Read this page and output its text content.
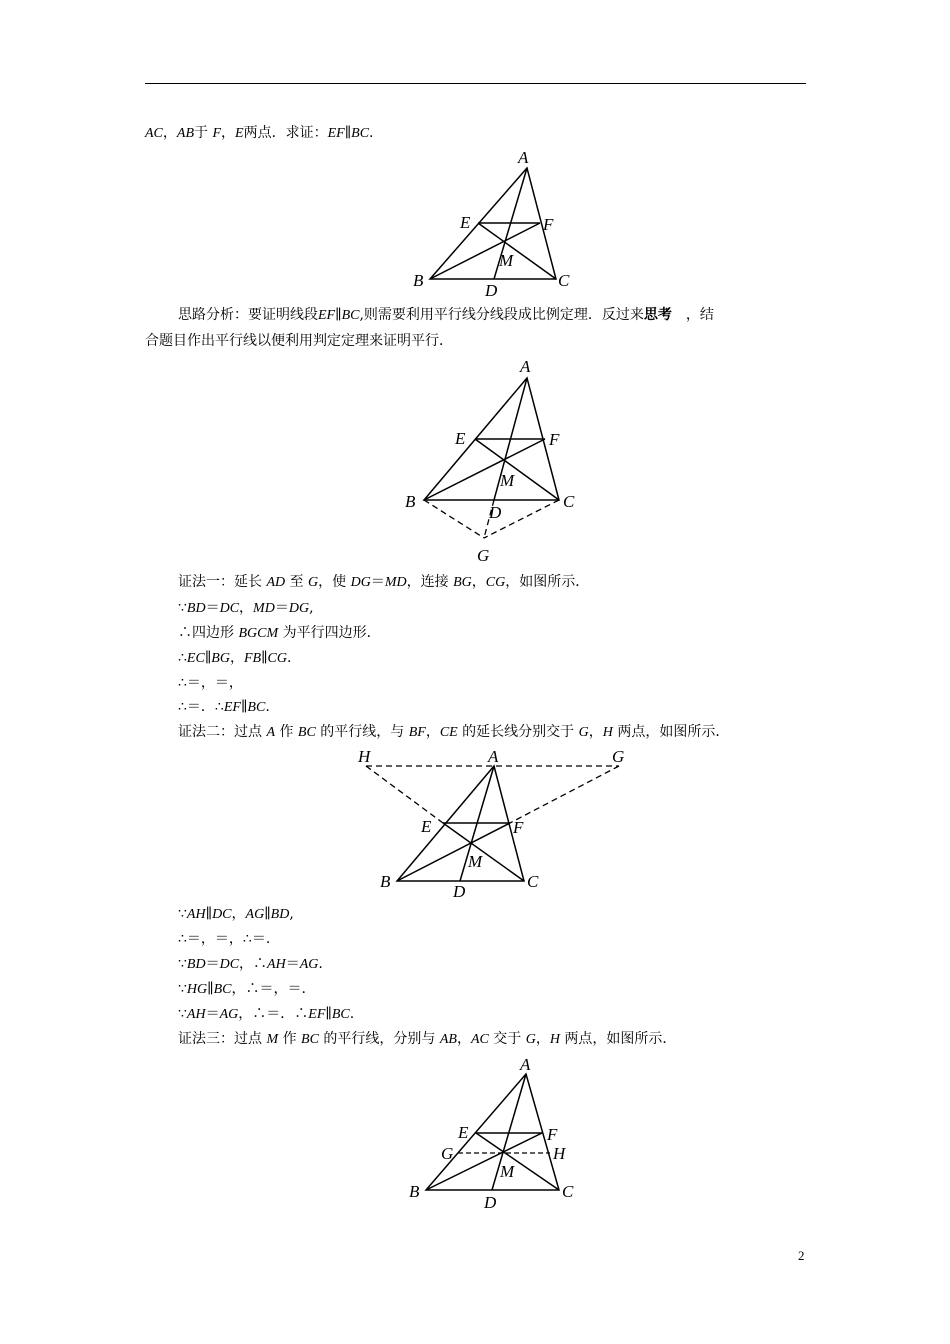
AC，AB于 F，E两点．求证：EF∥BC.
A
B	C
D
E	F
M
思路分析：要证明线段EF∥BC,则需要利用平行线分线段成比例定理．反过来思考　，结
合题目作出平行线以便利用判定定理来证明平行．
A
B	C
D
E	F
M
G
证法一：延长 AD 至 G，使 DG＝MD，连接 BG，CG，如图所示．
∵BD＝DC，MD＝DG,
∴四边形 BGCM 为平行四边形．
∴EC∥BG，FB∥CG.
∴＝，＝，
∴＝．∴EF∥BC.
证法二：过点 A 作 BC 的平行线，与 BF，CE 的延长线分别交于 G，H 两点，如图所示．
A
H	G
B	C
D
E	F
M
∵AH∥DC，AG∥BD,
∴＝，＝，∴＝.
∵BD＝DC，∴AH＝AG.
∵HG∥BC，∴＝，＝.
∵AH＝AG，∴＝．∴EF∥BC.
证法三：过点 M 作 BC 的平行线，分别与 AB，AC 交于 G，H 两点，如图所示．
A
B	C
D
E	F
G	H
M
2
